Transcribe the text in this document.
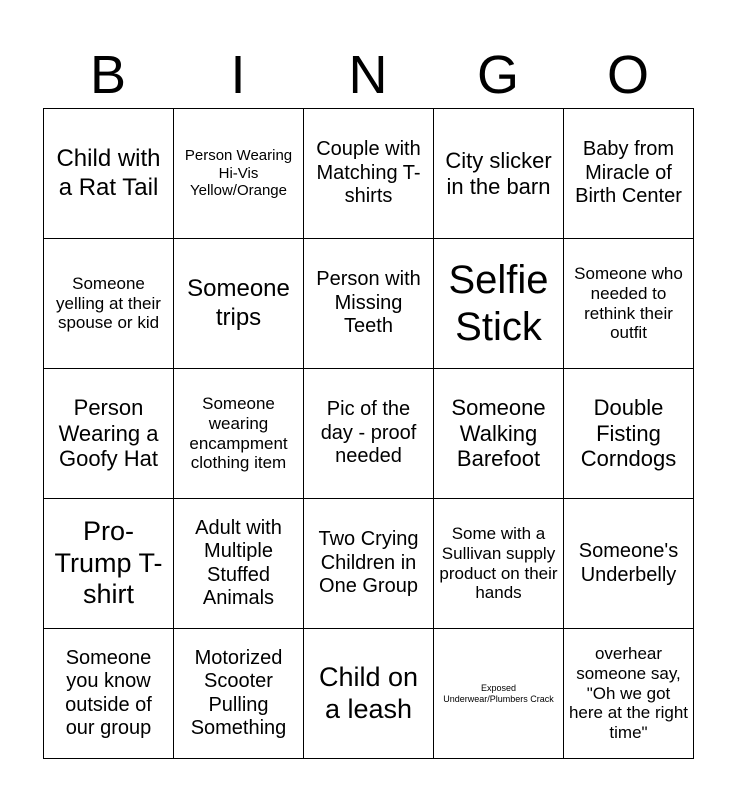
B	I	N	G	O
Child with a Rat Tail	Person Wearing Hi-Vis Yellow/Orange	Couple with Matching T-shirts	City slicker in the barn	Baby from Miracle of Birth Center
Someone yelling at their spouse or kid	Someone trips	Person with Missing Teeth	Selfie Stick	Someone who needed to rethink their outfit
Person Wearing a Goofy Hat	Someone wearing encampment clothing item	Pic of the day - proof needed	Someone Walking Barefoot	Double Fisting Corndogs
Pro-Trump T-shirt	Adult with Multiple Stuffed Animals	Two Crying Children in One Group	Some with a Sullivan supply product on their hands	Someone's Underbelly
Someone you know outside of our group	Motorized Scooter Pulling Something	Child on a leash	Exposed Underwear/Plumbers Crack	overhear someone say, "Oh we got here at the right time"
